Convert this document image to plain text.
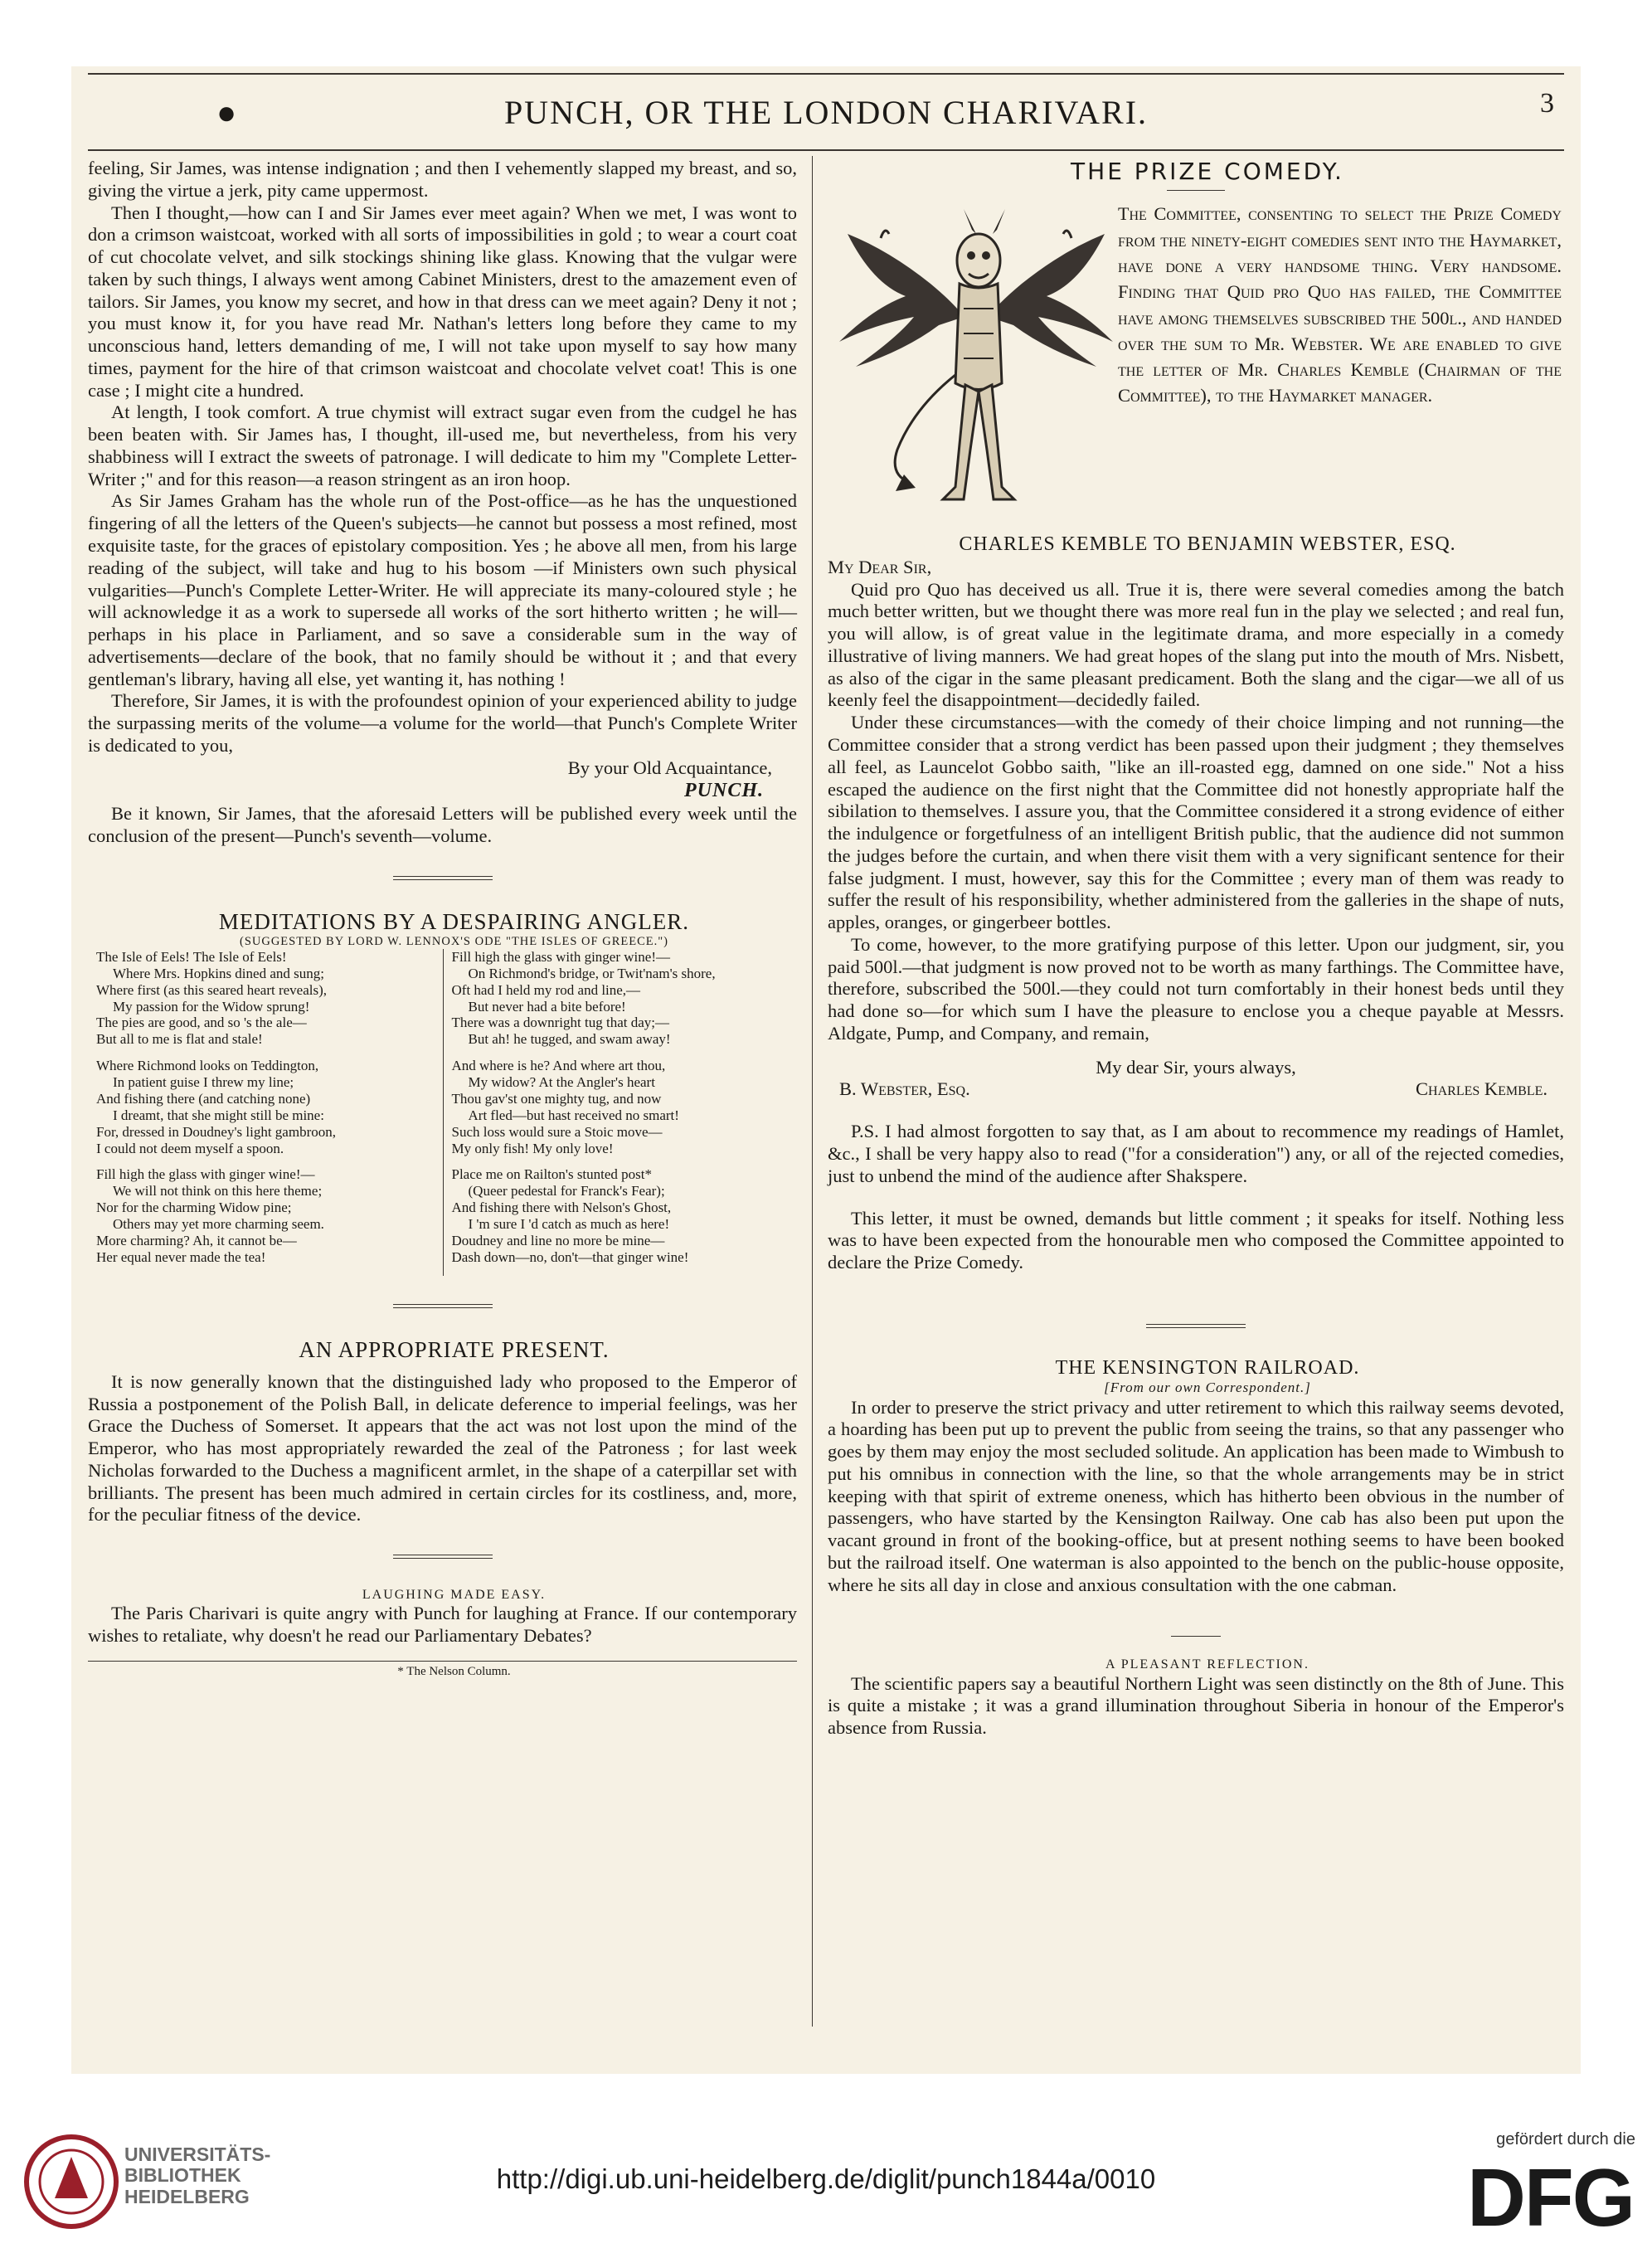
●	PUNCH, OR THE LONDON CHARIVARI.	3

feeling, Sir James, was intense indignation ; and then I vehemently slapped my breast, and so, giving the virtue a jerk, pity came uppermost.

Then I thought,—how can I and Sir James ever meet again? When we met, I was wont to don a crimson waistcoat, worked with all sorts of impossibilities in gold ; to wear a court coat of cut chocolate velvet, and silk stockings shining like glass. Knowing that the vulgar were taken by such things, I always went among Cabinet Ministers, drest to the amazement even of tailors. Sir James, you know my secret, and how in that dress can we meet again? Deny it not ; you must know it, for you have read Mr. Nathan's letters long before they came to my unconscious hand, letters demanding of me, I will not take upon myself to say how many times, payment for the hire of that crimson waistcoat and chocolate velvet coat! This is one case ; I might cite a hundred.

At length, I took comfort. A true chymist will extract sugar even from the cudgel he has been beaten with. Sir James has, I thought, ill-used me, but nevertheless, from his very shabbiness will I extract the sweets of patronage. I will dedicate to him my "Complete Letter-Writer ;" and for this reason—a reason stringent as an iron hoop.

As Sir James Graham has the whole run of the Post-office—as he has the unquestioned fingering of all the letters of the Queen's subjects—he cannot but possess a most refined, most exquisite taste, for the graces of epistolary composition. Yes ; he above all men, from his large reading of the subject, will take and hug to his bosom —if Ministers own such physical vulgarities—Punch's Complete Letter-Writer. He will appreciate its many-coloured style ; he will acknowledge it as a work to supersede all works of the sort hitherto written ; he will—perhaps in his place in Parliament, and so save a considerable sum in the way of advertisements—declare of the book, that no family should be without it ; and that every gentleman's library, having all else, yet wanting it, has nothing !

Therefore, Sir James, it is with the profoundest opinion of your experienced ability to judge the surpassing merits of the volume—a volume for the world—that Punch's Complete Writer is dedicated to you,

By your Old Acquaintance,

PUNCH.

Be it known, Sir James, that the aforesaid Letters will be published every week until the conclusion of the present—Punch's seventh—volume.

MEDITATIONS BY A DESPAIRING ANGLER.

(SUGGESTED BY LORD W. LENNOX'S ODE "THE ISLES OF GREECE.")

The Isle of Eels! The Isle of Eels!
Where Mrs. Hopkins dined and sung;
Where first (as this seared heart reveals),
My passion for the Widow sprung!
The pies are good, and so 's the ale—
But all to me is flat and stale!
Where Richmond looks on Teddington,
In patient guise I threw my line;
And fishing there (and catching none)
I dreamt, that she might still be mine:
For, dressed in Doudney's light gambroon,
I could not deem myself a spoon.
Fill high the glass with ginger wine!—
We will not think on this here theme;
Nor for the charming Widow pine;
Others may yet more charming seem.
More charming? Ah, it cannot be—
Her equal never made the tea!
Fill high the glass with ginger wine!—
On Richmond's bridge, or Twit'nam's shore,
Oft had I held my rod and line,—
But never had a bite before!
There was a downright tug that day;—
But ah! he tugged, and swam away!
And where is he? And where art thou,
My widow? At the Angler's heart
Thou gav'st one mighty tug, and now
Art fled—but hast received no smart!
Such loss would sure a Stoic move—
My only fish! My only love!
Place me on Railton's stunted post*
(Queer pedestal for Franck's Fear);
And fishing there with Nelson's Ghost,
I 'm sure I 'd catch as much as here!
Doudney and line no more be mine—
Dash down—no, don't—that ginger wine!

AN APPROPRIATE PRESENT.

It is now generally known that the distinguished lady who proposed to the Emperor of Russia a postponement of the Polish Ball, in delicate deference to imperial feelings, was her Grace the Duchess of Somerset. It appears that the act was not lost upon the mind of the Emperor, who has most appropriately rewarded the zeal of the Patroness ; for last week Nicholas forwarded to the Duchess a magnificent armlet, in the shape of a caterpillar set with brilliants. The present has been much admired in certain circles for its costliness, and, more, for the peculiar fitness of the device.

LAUGHING MADE EASY.

The Paris Charivari is quite angry with Punch for laughing at France. If our contemporary wishes to retaliate, why doesn't he read our Parliamentary Debates?

* The Nelson Column.

THE PRIZE COMEDY.

The Committee, consenting to select the Prize Comedy from the ninety-eight comedies sent into the Haymarket, have done a very handsome thing. Very handsome. Finding that Quid pro Quo has failed, the Committee have among themselves subscribed the 500l., and handed over the sum to Mr. Webster. We are enabled to give the letter of Mr. Charles Kemble (Chairman of the Committee), to the Haymarket manager.

CHARLES KEMBLE TO BENJAMIN WEBSTER, ESQ.

My Dear Sir,

Quid pro Quo has deceived us all. True it is, there were several comedies among the batch much better written, but we thought there was more real fun in the play we selected ; and real fun, you will allow, is of great value in the legitimate drama, and more especially in a comedy illustrative of living manners. We had great hopes of the slang put into the mouth of Mrs. Nisbett, as also of the cigar in the same pleasant predicament. Both the slang and the cigar—we all of us keenly feel the disappointment—decidedly failed.

Under these circumstances—with the comedy of their choice limping and not running—the Committee consider that a strong verdict has been passed upon their judgment ; they themselves all feel, as Launcelot Gobbo saith, "like an ill-roasted egg, damned on one side." Not a hiss escaped the audience on the first night that the Committee did not honestly appropriate half the sibilation to themselves. I assure you, that the Committee considered it a strong evidence of either the indulgence or forgetfulness of an intelligent British public, that the audience did not summon the judges before the curtain, and when there visit them with a very significant sentence for their false judgment. I must, however, say this for the Committee ; every man of them was ready to suffer the result of his responsibility, whether administered from the galleries in the shape of nuts, apples, oranges, or gingerbeer bottles.

To come, however, to the more gratifying purpose of this letter. Upon our judgment, sir, you paid 500l.—that judgment is now proved not to be worth as many farthings. The Committee have, therefore, subscribed the 500l.—they could not turn comfortably in their honest beds until they had done so—for which sum I have the pleasure to enclose you a cheque payable at Messrs. Aldgate, Pump, and Company, and remain,

My dear Sir, yours always,

B. Webster, Esq.	Charles Kemble.

P.S. I had almost forgotten to say that, as I am about to recommence my readings of Hamlet, &c., I shall be very happy also to read ("for a consideration") any, or all of the rejected comedies, just to unbend the mind of the audience after Shakspere.

This letter, it must be owned, demands but little comment ; it speaks for itself. Nothing less was to have been expected from the honourable men who composed the Committee appointed to declare the Prize Comedy.

THE KENSINGTON RAILROAD.

[From our own Correspondent.]

In order to preserve the strict privacy and utter retirement to which this railway seems devoted, a hoarding has been put up to prevent the public from seeing the trains, so that any passenger who goes by them may enjoy the most secluded solitude. An application has been made to Wimbush to put his omnibus in connection with the line, so that the whole arrangements may be in strict keeping with that spirit of extreme oneness, which has hitherto been obvious in the number of passengers, who have started by the Kensington Railway. One cab has also been put upon the vacant ground in front of the booking-office, but at present nothing seems to have been booked but the railroad itself. One waterman is also appointed to the bench on the public-house opposite, where he sits all day in close and anxious consultation with the one cabman.

A PLEASANT REFLECTION.

The scientific papers say a beautiful Northern Light was seen distinctly on the 8th of June. This is quite a mistake ; it was a grand illumination throughout Siberia in honour of the Emperor's absence from Russia.

UNIVERSITÄTS-
BIBLIOTHEK
HEIDELBERG
http://digi.ub.uni-heidelberg.de/diglit/punch1844a/0010
gefördert durch die
DFG
